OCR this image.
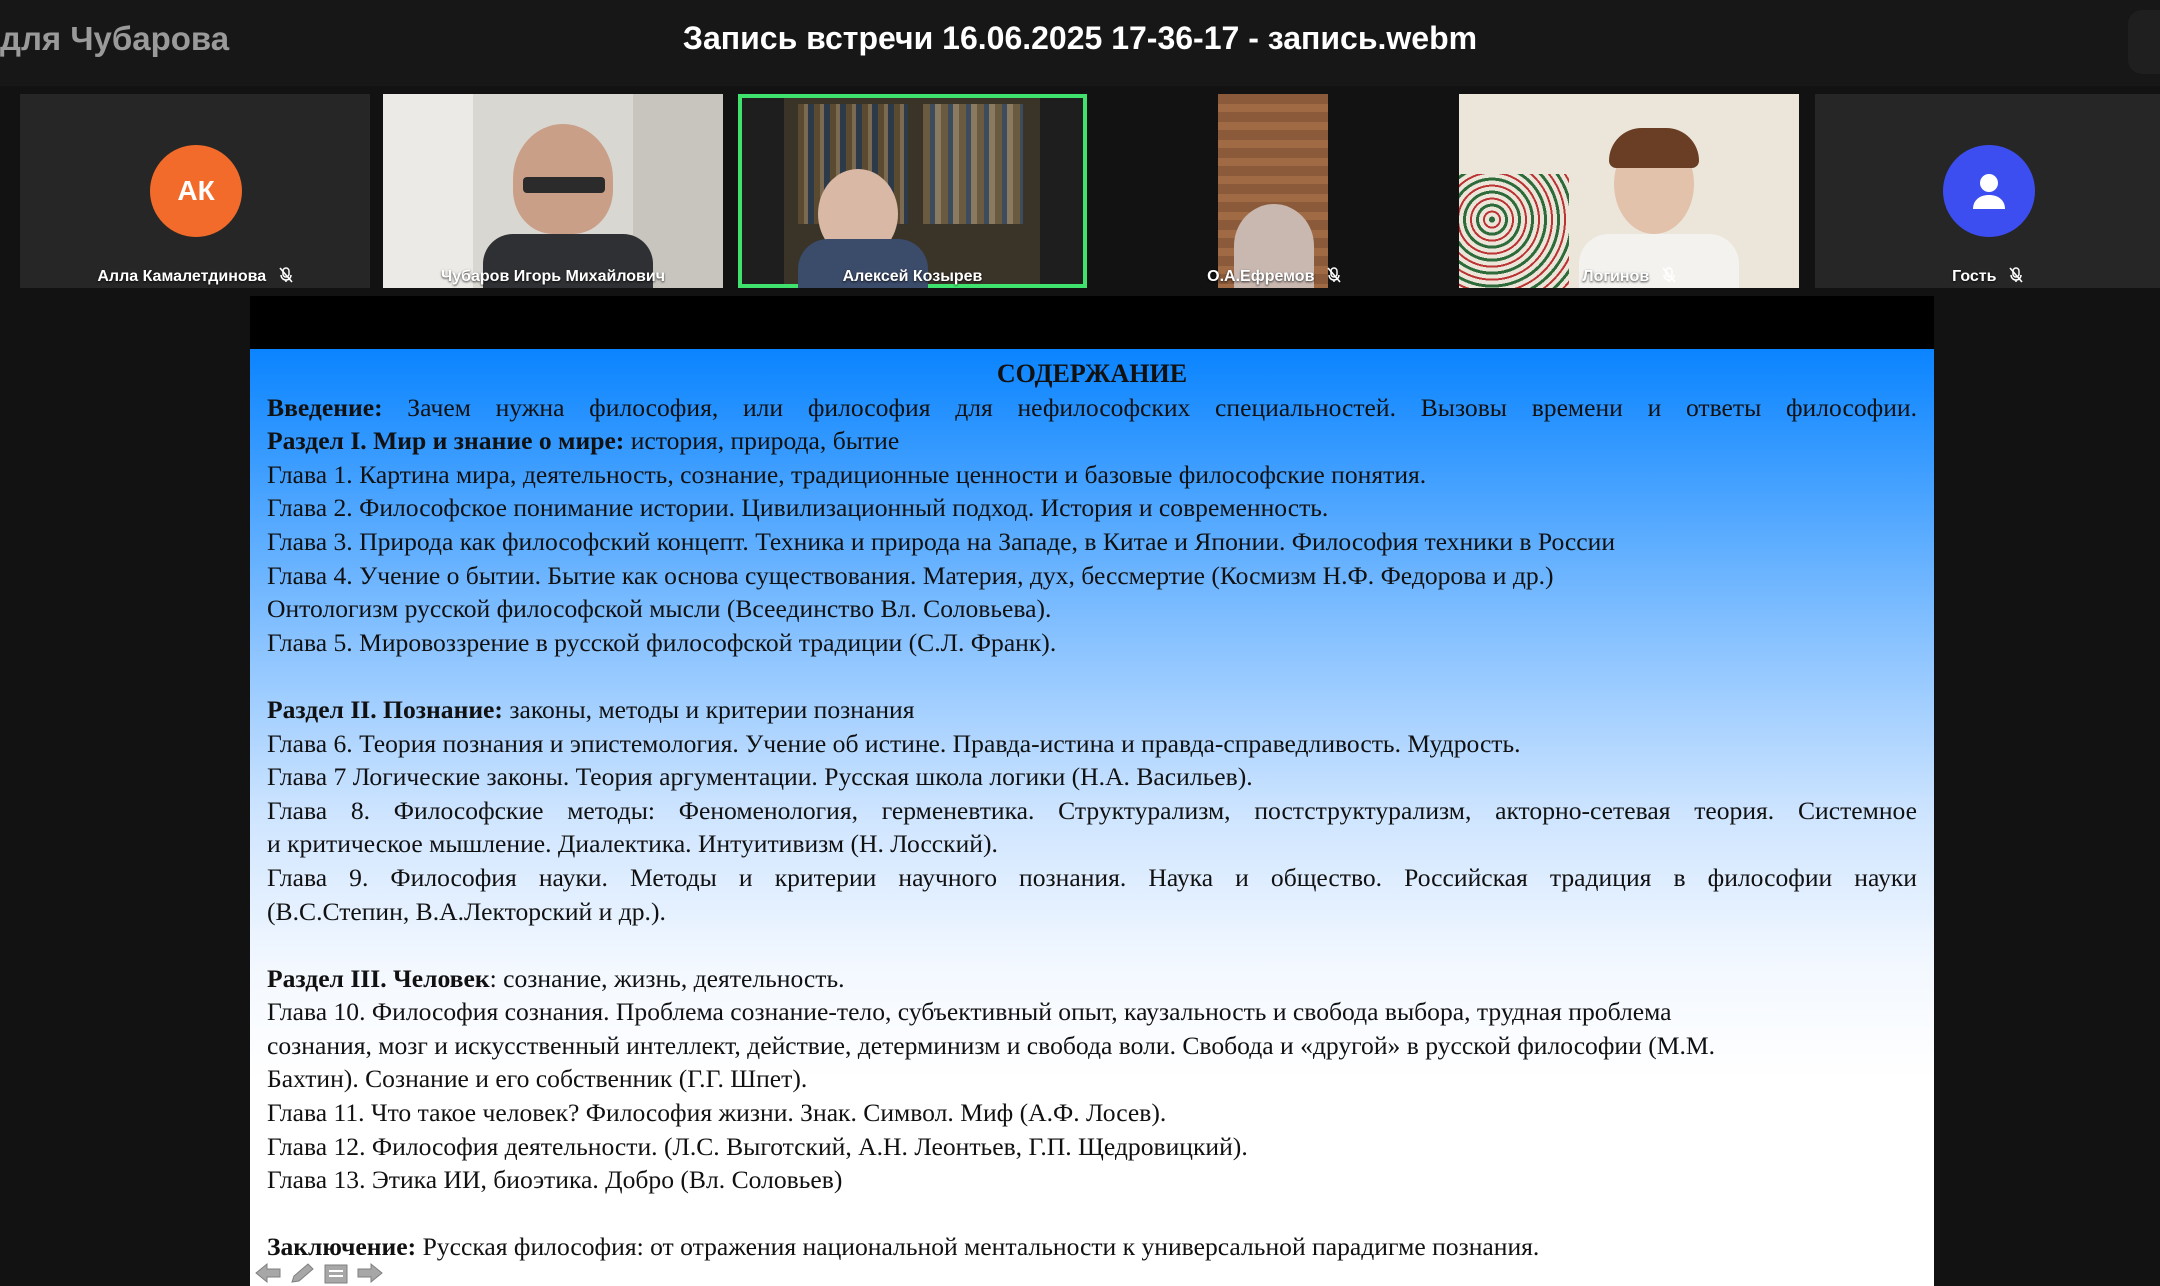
для Чубарова	Запись встречи 16.06.2025 17-36-17 - запись.webm
АК
Алла Камалетдинова	Чубаров Игорь Михайлович	Алексей Козырев	О.А.Ефремов	Логинов	Гость

СОДЕРЖАНИЕ

Введение: Зачем нужна философия, или философия для нефилософских специальностей. Вызовы времени и ответы философии.

Раздел I. Мир и знание о мире: история, природа, бытие

Глава 1. Картина мира, деятельность, сознание, традиционные ценности и базовые философские понятия.

Глава 2. Философское понимание истории. Цивилизационный подход. История и современность.

Глава 3. Природа как философский концепт. Техника и природа на Западе, в Китае и Японии. Философия техники в России

Глава 4. Учение о бытии. Бытие как основа существования. Материя, дух, бессмертие (Космизм Н.Ф. Федорова и др.)

Онтологизм русской философской мысли (Всеединство Вл. Соловьева).

Глава 5. Мировоззрение в русской философской традиции (С.Л. Франк).

Раздел II. Познание: законы, методы и критерии познания

Глава 6. Теория познания и эпистемология. Учение об истине. Правда-истина и правда-справедливость. Мудрость.

Глава 7 Логические законы. Теория аргументации. Русская школа логики (Н.А. Васильев).

Глава 8. Философские методы: Феноменология, герменевтика. Структурализм, постструктурализм, акторно-сетевая теория. Системное

и критическое мышление. Диалектика. Интуитивизм (Н. Лосский).

Глава 9. Философия науки. Методы и критерии научного познания. Наука и общество. Российская традиция в философии науки

(В.С.Степин, В.А.Лекторский и др.).

Раздел III. Человек: сознание, жизнь, деятельность.

Глава 10. Философия сознания. Проблема сознание-тело, субъективный опыт, каузальность и свобода выбора, трудная проблема

сознания, мозг и искусственный интеллект, действие, детерминизм и свобода воли. Свобода и «другой» в русской философии (М.М.

Бахтин). Сознание и его собственник (Г.Г. Шпет).

Глава 11. Что такое человек? Философия жизни. Знак. Символ. Миф (А.Ф. Лосев).

Глава 12. Философия деятельности. (Л.С. Выготский, А.Н. Леонтьев, Г.П. Щедровицкий).

Глава 13. Этика ИИ, биоэтика. Добро (Вл. Соловьев)

Заключение: Русская философия: от отражения национальной ментальности к универсальной парадигме познания.
